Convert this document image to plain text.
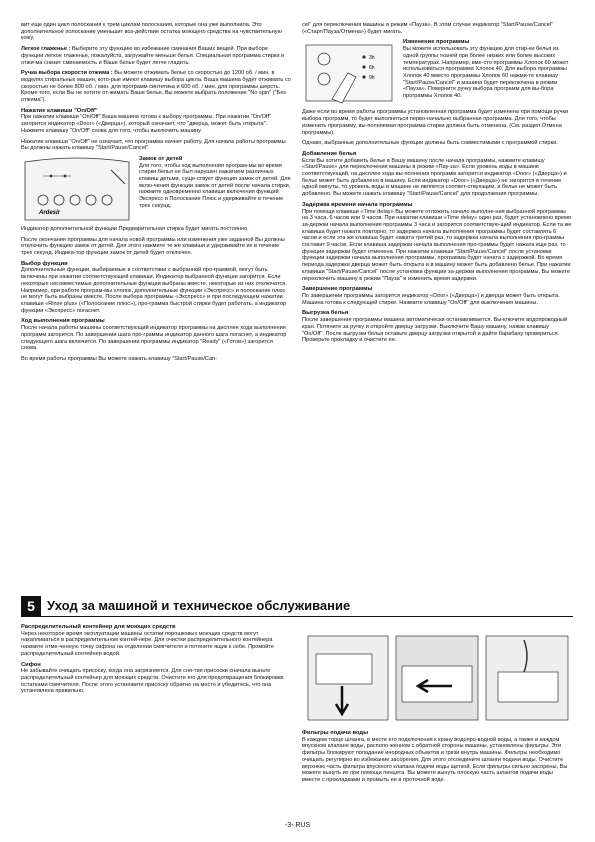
вит еще один цикл полоскания к трем циклам полоскания, которые она уже выполнила. Это дополнительное полоскание уменьшит воз-действие остатка моющего средства на чувствительную кожу.

Легкое глаженье : Выберите эту функцию во избежание сминания Ваших вещей. При выборе функции легкое глаженье, пожалуйста, загружайте меньше белья. Специальная программа стирки и отжи-ма снизит сминаемость и Ваше белье будет легче гладить.

Ручка выбора скорости отжима : Вы можете отжимать белье со скоростью до 1200 об. / мин. в моделях стиральных машин, кото-рые имеют клавишу выбора цикла. Ваша машина будет отжимать со скоростью не более 800 об. / мин. для программ синтетика и 600 об. / мин. для программы шерсть. Кроме того, если Вы не хотите от-жимать Ваше белье, Вы можете выбрать положение "No spin" ("Без отжима").

Нажатие клавиши "On/Off"

При нажатии клавиши "On/Off" Ваша машина готова к выбору программы. При нажатии "On/Off" загорится индикатор «Door» («Дверца»), который означает, что "дверца, может быть открыта". Нажмите клавишу "On/Off" снова для того, чтобы выключить машину.

Нажатие клавиши "On/Off" не означает, что программа начнет работу. Для начала работы программы Вы должны нажать клавишу "Start/Pause/Cancel".

Ardesir
Замок от детей

Для того, чтобы ход выполнения програм-мы во время стирки белья не был нарушен нажатием различных клавиш детьми, суще-ствует функция замок от детей. Для вклю-чения функции замок от детей после начала стирки, нажмите одновременно клавиши включения функций Экспресс и Полоскание Плюс и удерживайте в течение трех секунд.

Индикатор дополнительной функции Предварительная стирка будет мигать постоянно.

После окончания программы для начала новой программы или изменения уже заданной Вы должны отключить функцию замок от детей. Для этого нажмите те же клавиши и удерживайте их в течение трех секунд. Индика-тор функции замок от детей будет отключен.

Выбор функции

Дополнительные функции, выбираемые в соответствии с выбранной про-граммой, могут быть включены при нажатии соответствующей клавиши. Индикатор выбранной функции загорится. Если некоторые несовместимые дополнительные функции выбраны вместе, некоторые из них отключатся. Например, при работе програм-мы хлопок, дополнительные функции «Экспресс» и полоскание плюс не могут быть выбраны вместе. После выбора программы «Экспресс» и при последующем нажатии клавиши «Rinse plus» («Полоскание плюс»), про-грамма быстрой стирки будет работать, а индикатор функции «Экспресс» погаснет.

Ход выполнения программы

После начала работы машины соответствующий индикатор программы на дисплее хода выполнения программ загорится. По завершении шага про-граммы индикатор данного шага погаснет, а индикатор следующего шага включится. По завершении программы индикатор "Ready" («Готов») загорится снова.

Во время работы программы Вы можете нажать клавишу "Start/Pause/Can-

cel" для переключения машины в режим «Пауза». В этом случае индикатор "Start/Pause/Cancel" («Старт/Пауза/Отмена») будет мигать.

3h
6h
9h
Изменение программы

Вы можете использовать эту функцию для стир-ки белья из одной группы тканей при более низких или более высоких температурах. Например, вме-сто программы Хлопок 60 может использоваться программа Хлопок 40. Для выбора программы Хлопок 40 вместо программы Хлопок 60 нажми-те клавишу "Start/Pause/Cancel" и машина будет переключена в режим «Пауза». Поверните ручку выбора программ для вы-бора программы Хлопок 40.

Даже если во время работы программы установленная программа будет изменена при помощи ручки выбора программ, то будет выполняться перво-начально выбранная программа. Для того, чтобы изменить программу, вы-полняемая программа стирки должна быть отменена. (См. раздел Отмена программы).

Однако, выбранные дополнительные функции должны быть совместимыми с программой стирки.

Добавление белья

Если Вы хотите добавить белье в Вашу машину после начала программы, нажмите клавишу «Start/Pause» для переключения машины в режим «Пау-за». Если уровень воды в машине соответствующий, на дисплее хода вы-полнения программ загорится индикатор «Door» («Дверца») и белье может быть добавлено в машину. Если индикатор «Door» («Дверца») не загорится в течение одной минуты, то уровень воды в машине не является соответ-ствующим, и белье не может быть добавлено. Вы можете нажать клавишу "Start/Pause/Cancel" для продолжения программы.

Задержка времени начала программы

При помощи клавиши «Time delay» Вы можете отложить начало выполне-ния выбранной программы на 3 часа, 6 часов или 9 часов. При нажатии клавиши «Time delay» один раз, будет установлено время за-держки начала выполнения программы 3 часа и загорится соответствую-щий индикатор. Если та же клавиша будет нажата повторно, то задержка начала выполнения программы будет составлять 6 часов и если эта же клавиша будет нажата третий раз, то задержка начала выполнения про-граммы составит 9 часов. Если клавиша задержки начала выполнения про-граммы будет нажата еще раз, то функция задержки будет отменена. При нажатии клавиши "Start/Pause/Cancel" после установки функции задержки начала выполнения программы, программа будет начата с задержкой. Во время периода задержки дверца может быть открыта и в машину может быть добавлено белье. При нажатии клавиши "Start/Pause/Cancel" после установки функции за-держки выполнения программы, Вы можете переключить машину в режим "Пауза" и изменить время задержки.

Завершение программы

По завершении программы загорится индикатор «Door» («Дверца») и дверца может быть открыта. Машина готова к следующей стирке. Нажмите клавишу "On/Off" для выключения машины.

Выгрузка белья

После завершения программы машина автоматически останавливается. Вы-ключите водопроводный кран. Потяните за ручку и откройте дверцу загрузки. Выключите Вашу машину, нажав клавишу "On/Off". После выгрузки белья оставьте дверцу загрузки открытой и дайте барабану провериться. Проверьте прокладку и очистите ее.

5 Уход за машиной и техническое обслуживание
Распределительный контейнер для моющих средств

Через некоторое время эксплуатации машины остатки порошковых моющих средств могут накапливаться в распределительном контей-нере. Для очистки распределительного контейнера нажмите отме-ченную точку сифона на отделении смягчителя и потяните ящик к себе. Промойте распределительный контейнер водой.

Сифон

Не забывайте очищать присоску, когда она загрязняется. Для сня-тия присоски сначала выньте распределительный контейнер для моющих средств. Очистите его для предотвращения блокировки остатками смягчителя. После этого установите присоску обратно на место и убедитесь, что она установлена правильно.

Фильтры подачи воды

В каждом торце шланга, в месте его подключения к крану водопро-водной воды, а также в каждом впускном клапане воды, располо-женном с обратной стороны машины, установлены фильтры. Эти фильтры блокируют попадание инородных объектов и грязи внутрь машины. Фильтры необходимо очищать регулярно во избежание засорения. Для этого отсоедините шланги подачи воды. Очистите верхнюю часть фильтра впускного клапана подачи воды щеткой. Если фильтры сильно засорены, Вы можете вынуть их при помощи пинцета. Вы можете вынуть плоскую часть шлангов подачи воды вместе с прокладками и промыть ее в проточной воде.

-3- RUS
